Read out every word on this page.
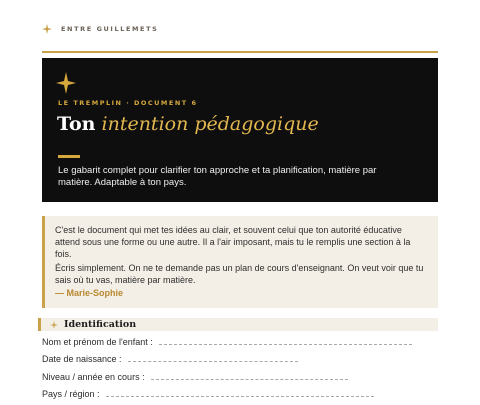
ENTRE GUILLEMETS
LE TREMPLIN · DOCUMENT 6
Ton intention pédagogique
Le gabarit complet pour clarifier ton approche et ta planification, matière par matière. Adaptable à ton pays.

C'est le document qui met tes idées au clair, et souvent celui que ton autorité éducative attend sous une forme ou une autre. Il a l'air imposant, mais tu le remplis une section à la fois.

Écris simplement. On ne te demande pas un plan de cours d'enseignant. On veut voir que tu sais où tu vas, matière par matière.

— Marie-Sophie
Identification
Nom et prénom de l'enfant :
Date de naissance :
Niveau / année en cours :
Pays / région :
